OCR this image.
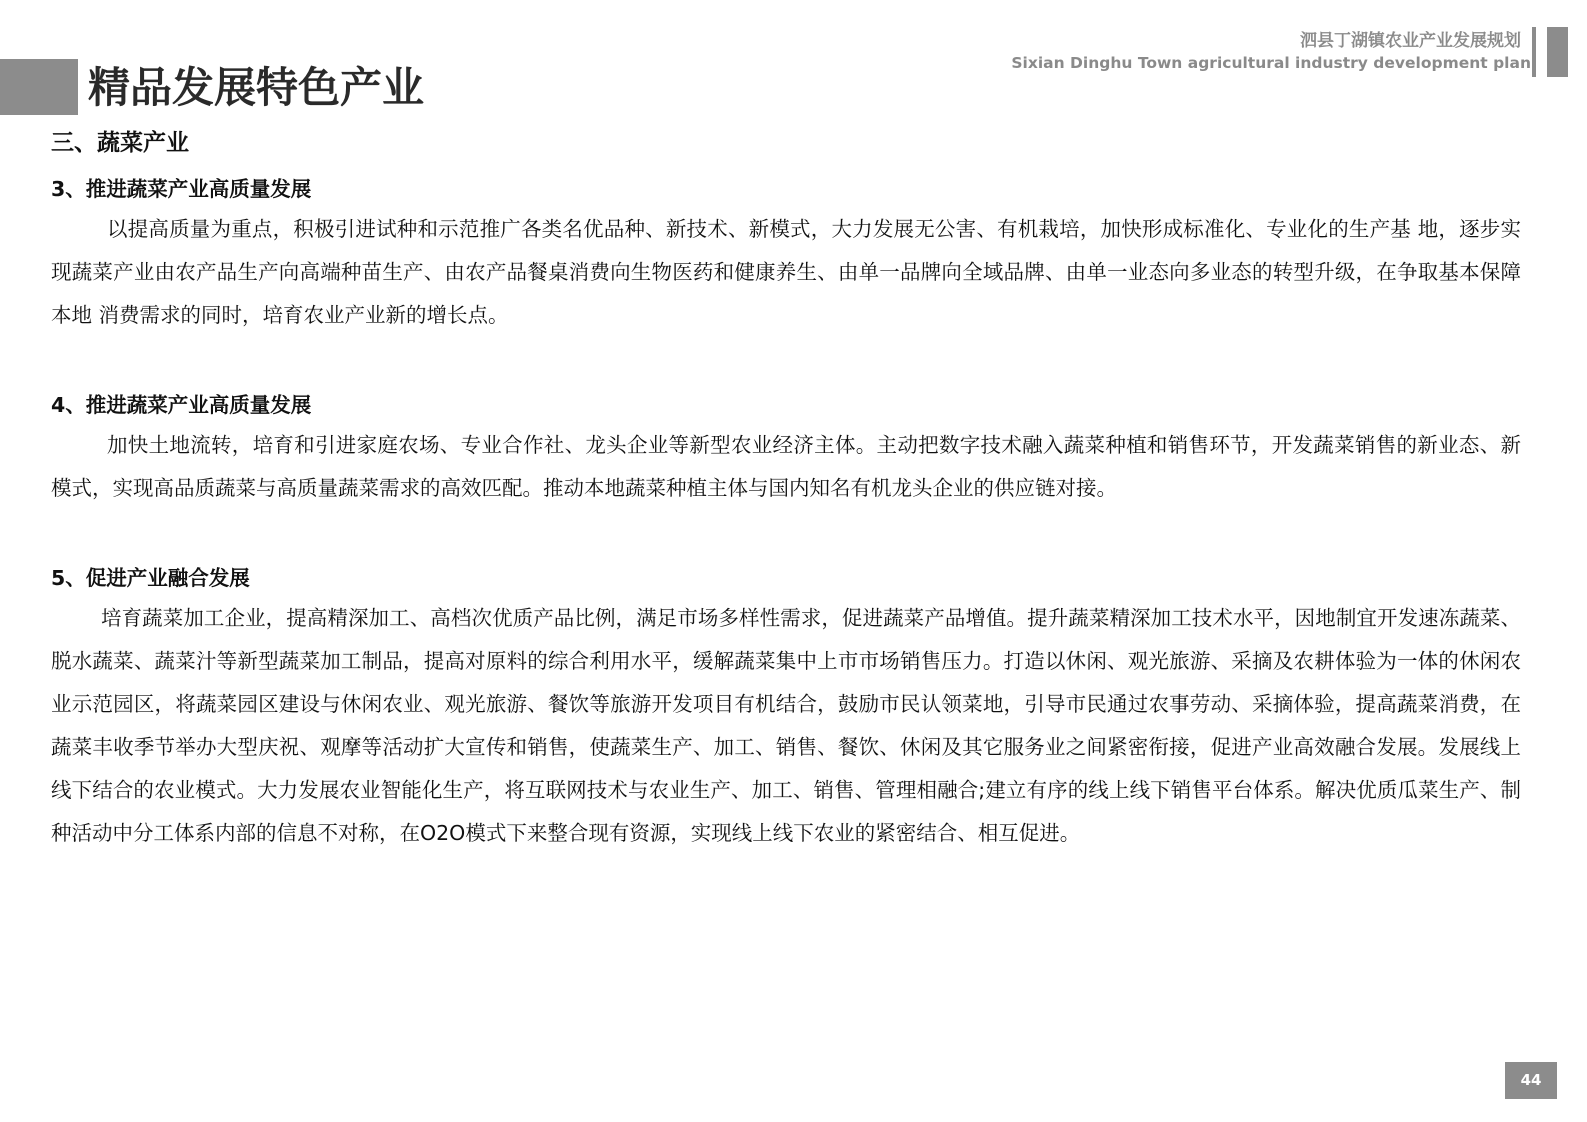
精品发展特色产业
泗县丁湖镇农业产业发展规划
Sixian Dinghu Town agricultural industry development plan
三、蔬菜产业
3、推进蔬菜产业高质量发展

以提高质量为重点，积极引进试种和示范推广各类名优品种、新技术、新模式，大力发展无公害、有机栽培，加快形成标准化、专业化的生产基 地，逐步实现蔬菜产业由农产品生产向高端种苗生产、由农产品餐桌消费向生物医药和健康养生、由单一品牌向全域品牌、由单一业态向多业态的转型升级，在争取基本保障本地 消费需求的同时，培育农业产业新的增长点。

4、推进蔬菜产业高质量发展

加快土地流转，培育和引进家庭农场、专业合作社、龙头企业等新型农业经济主体。主动把数字技术融入蔬菜种植和销售环节，开发蔬菜销售的新业态、新模式，实现高品质蔬菜与高质量蔬菜需求的高效匹配。推动本地蔬菜种植主体与国内知名有机龙头企业的供应链对接。

5、促进产业融合发展

培育蔬菜加工企业，提高精深加工、高档次优质产品比例，满足市场多样性需求，促进蔬菜产品增值。提升蔬菜精深加工技术水平，因地制宜开发速冻蔬菜、脱水蔬菜、蔬菜汁等新型蔬菜加工制品，提高对原料的综合利用水平，缓解蔬菜集中上市市场销售压力。打造以休闲、观光旅游、采摘及农耕体验为一体的休闲农业示范园区，将蔬菜园区建设与休闲农业、观光旅游、餐饮等旅游开发项目有机结合，鼓励市民认领菜地，引导市民通过农事劳动、采摘体验，提高蔬菜消费，在蔬菜丰收季节举办大型庆祝、观摩等活动扩大宣传和销售，使蔬菜生产、加工、销售、餐饮、休闲及其它服务业之间紧密衔接，促进产业高效融合发展。发展线上线下结合的农业模式。大力发展农业智能化生产，将互联网技术与农业生产、加工、销售、管理相融合;建立有序的线上线下销售平台体系。解决优质瓜菜生产、制种活动中分工体系内部的信息不对称，在O2O模式下来整合现有资源，实现线上线下农业的紧密结合、相互促进。

44
